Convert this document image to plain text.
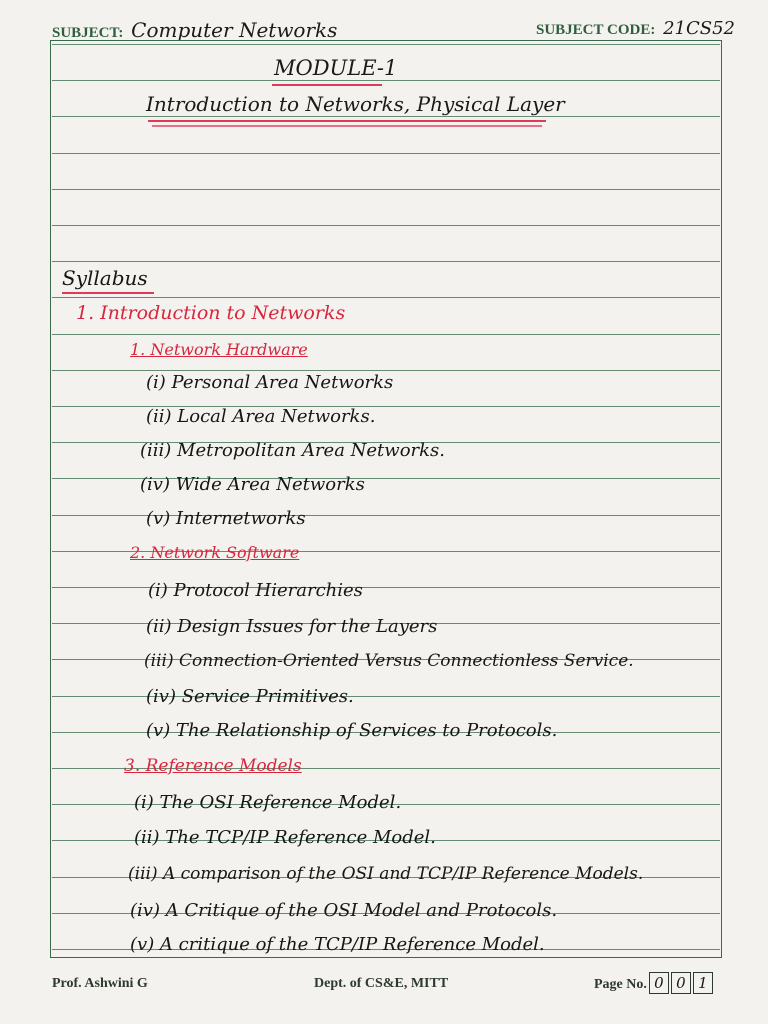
SUBJECT: Computer Networks	SUBJECT CODE: 21CS52
MODULE-1
Introduction to Networks, Physical Layer
Syllabus
1. Introduction to Networks
1. Network Hardware
(i) Personal Area Networks
(ii) Local Area Networks.
(iii) Metropolitan Area Networks.
(iv) Wide Area Networks
(v) Internetworks
2. Network Software
(i) Protocol Hierarchies
(ii) Design Issues for the Layers
(iii) Connection-Oriented Versus Connectionless Service.
(iv) Service Primitives.
(v) The Relationship of Services to Protocols.
3. Reference Models
(i) The OSI Reference Model.
(ii) The TCP/IP Reference Model.
(iii) A comparison of the OSI and TCP/IP Reference Models.
(iv) A Critique of the OSI Model and Protocols.
(v) A critique of the TCP/IP Reference Model.
Prof. Ashwini G	Dept. of CS&E, MITT	Page No. 0 0 1
